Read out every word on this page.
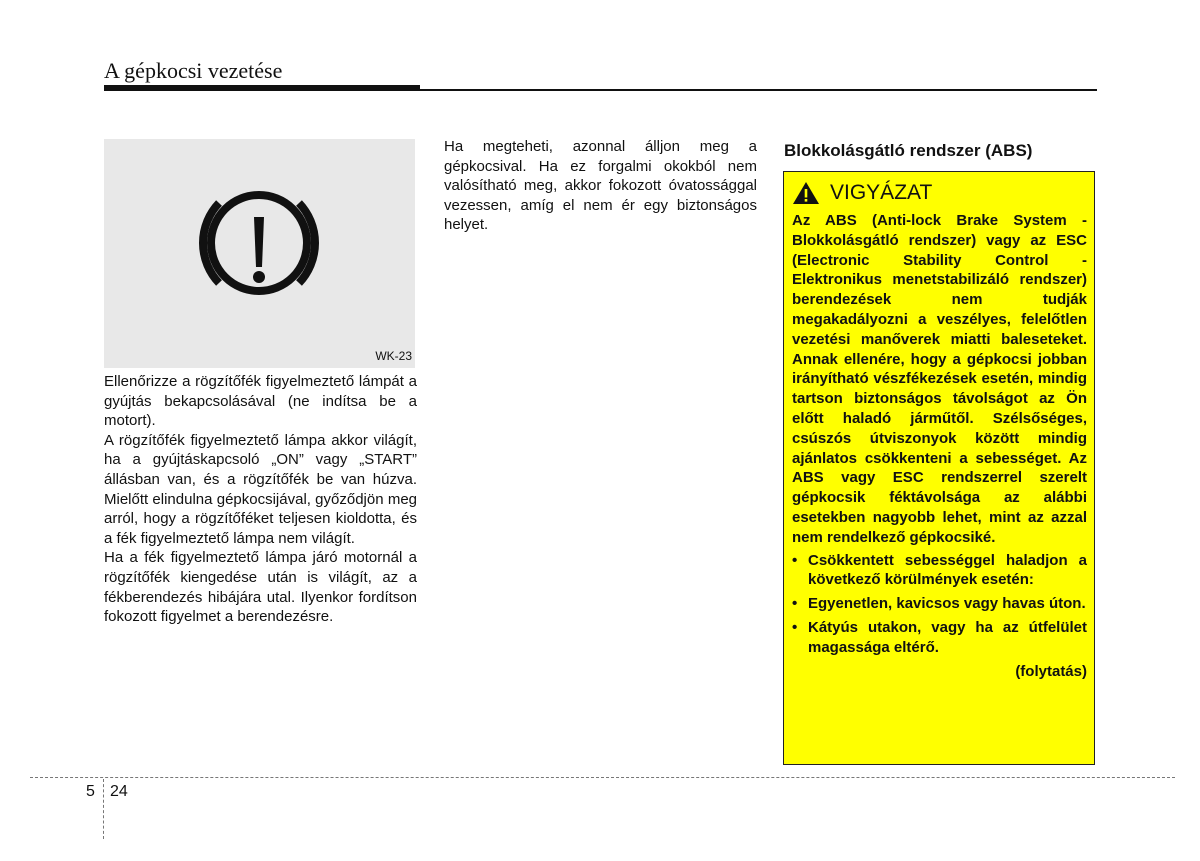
A gépkocsi vezetése
WK-23

Ellenőrizze a rögzítőfék figyelmeztető lámpát a gyújtás bekapcsolásával (ne indítsa be a motort).

A rögzítőfék figyelmeztető lámpa akkor világít, ha a gyújtáskapcsoló „ON” vagy „START” állásban van, és a rögzítőfék be van húzva. Mielőtt elindulna gépkocsijával, győződjön meg arról, hogy a rögzítőféket teljesen kioldotta, és a fék figyelmeztető lámpa nem világít.

Ha a fék figyelmeztető lámpa járó motornál a rögzítőfék kiengedése után is világít, az a fékberendezés hibájára utal. Ilyenkor fordítson fokozott figyelmet a berendezésre.

Ha megteheti, azonnal álljon meg a gépkocsival. Ha ez forgalmi okokból nem valósítható meg, akkor fokozott óvatossággal vezessen, amíg el nem ér egy biztonságos helyet.

Blokkolásgátló rendszer (ABS)
VIGYÁZAT

Az ABS (Anti-lock Brake System - Blokkolásgátló rendszer) vagy az ESC (Electronic Stability Control - Elektronikus menetstabilizáló rendszer) berendezések nem tudják megakadályozni a veszélyes, felelőtlen vezetési manőverek miatti baleseteket. Annak ellenére, hogy a gépkocsi jobban irányítható vészfékezések esetén, mindig tartson biztonságos távolságot az Ön előtt haladó járműtől. Szélsőséges, csúszós útviszonyok között mindig ajánlatos csökkenteni a sebességet. Az ABS vagy ESC rendszerrel szerelt gépkocsik féktávolsága az alábbi esetekben nagyobb lehet, mint az azzal nem rendelkező gépkocsiké.

• Csökkentett sebességgel haladjon a következő körülmények esetén:
• Egyenetlen, kavicsos vagy havas úton.
• Kátyús utakon, vagy ha az útfelület magassága eltérő.
(folytatás)
5 24
